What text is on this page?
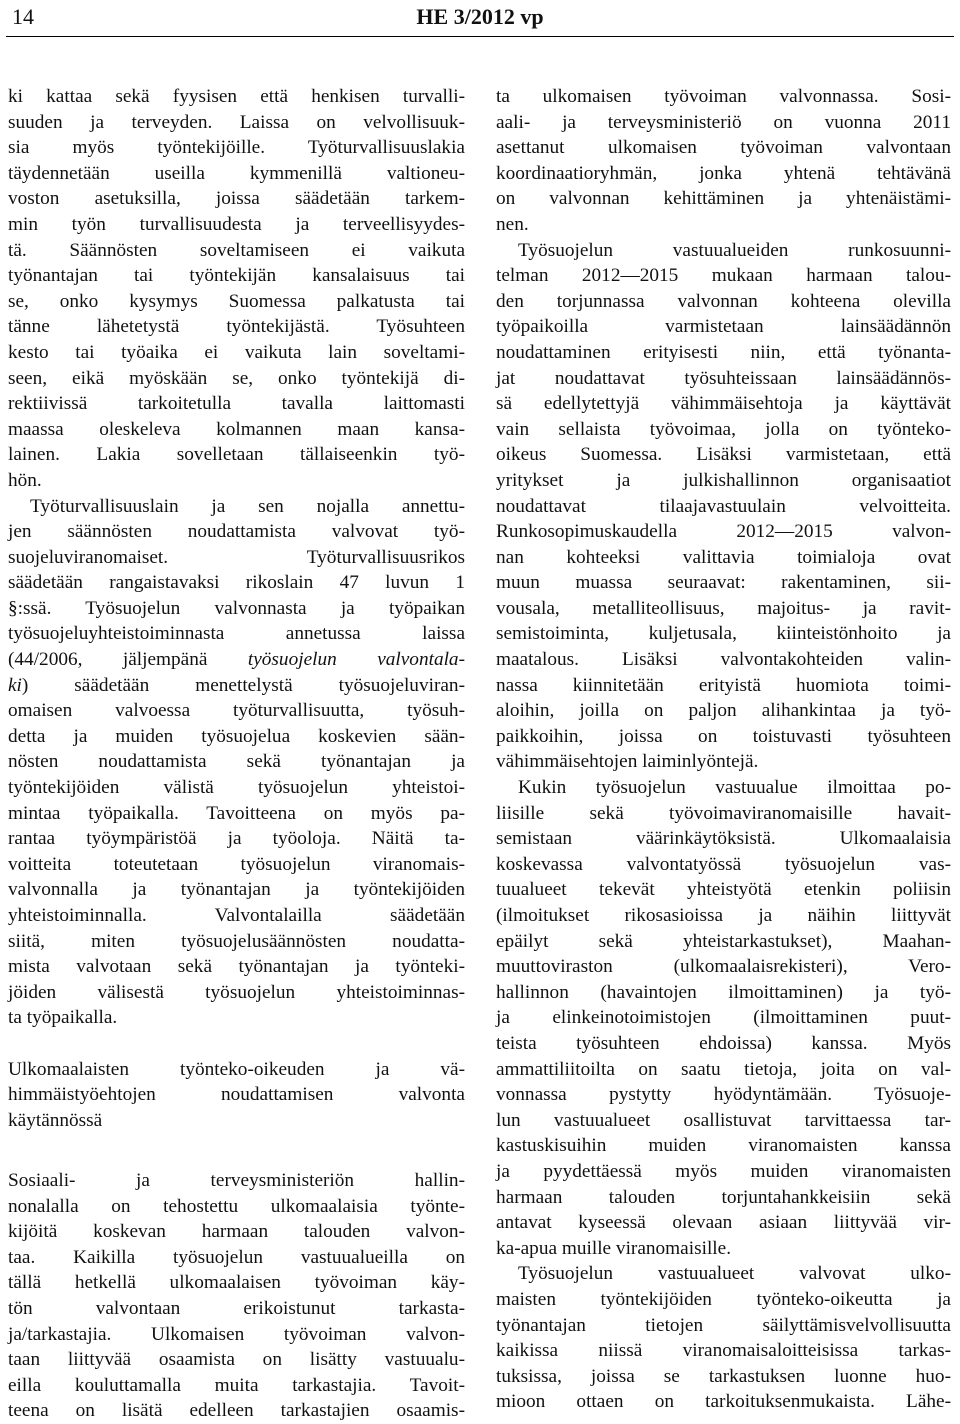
14	HE 3/2012 vp
ki kattaa sekä fyysisen että henkisen turvalli-
suuden ja terveyden. Laissa on velvollisuuk-
sia myös työntekijöille. Työturvallisuuslakia
täydennetään useilla kymmenillä valtioneu-
voston asetuksilla, joissa säädetään tarkem-
min työn turvallisuudesta ja terveellisyydes-
tä. Säännösten soveltamiseen ei vaikuta
työnantajan tai työntekijän kansalaisuus tai
se, onko kysymys Suomessa palkatusta tai
tänne lähetetystä työntekijästä. Työsuhteen
kesto tai työaika ei vaikuta lain soveltami-
seen, eikä myöskään se, onko työntekijä di-
rektiivissä tarkoitetulla tavalla laittomasti
maassa oleskeleva kolmannen maan kansa-
lainen. Lakia sovelletaan tällaiseenkin työ-
hön.
Työturvallisuuslain ja sen nojalla annettu-
jen säännösten noudattamista valvovat työ-
suojeluviranomaiset. Työturvallisuusrikos
säädetään rangaistavaksi rikoslain 47 luvun 1
§:ssä. Työsuojelun valvonnasta ja työpaikan
työsuojeluyhteistoiminnasta annetussa laissa
(44/2006, jäljempänä työsuojelun valvontala-
ki) säädetään menettelystä työsuojeluviran-
omaisen valvoessa työturvallisuutta, työsuh-
detta ja muiden työsuojelua koskevien sään-
nösten noudattamista sekä työnantajan ja
työntekijöiden välistä työsuojelun yhteistoi-
mintaa työpaikalla. Tavoitteena on myös pa-
rantaa työympäristöä ja työoloja. Näitä ta-
voitteita toteutetaan työsuojelun viranomais-
valvonnalla ja työnantajan ja työntekijöiden
yhteistoiminnalla. Valvontalailla säädetään
siitä, miten työsuojelusäännösten noudatta-
mista valvotaan sekä työnantajan ja työnteki-
jöiden välisestä työsuojelun yhteistoiminnas-
ta työpaikalla.
Ulkomaalaisten työnteko-oikeuden ja vä-
himmäistyöehtojen noudattamisen valvonta
käytännössä
Sosiaali- ja terveysministeriön hallin-
nonalalla on tehostettu ulkomaalaisia työnte-
kijöitä koskevan harmaan talouden valvon-
taa. Kaikilla työsuojelun vastuualueilla on
tällä hetkellä ulkomaalaisen työvoiman käy-
tön valvontaan erikoistunut tarkasta-
ja/tarkastajia. Ulkomaisen työvoiman valvon-
taan liittyvää osaamista on lisätty vastuualu-
eilla kouluttamalla muita tarkastajia. Tavoit-
teena on lisätä edelleen tarkastajien osaamis-
ta ulkomaisen työvoiman valvonnassa. Sosi-
aali- ja terveysministeriö on vuonna 2011
asettanut ulkomaisen työvoiman valvontaan
koordinaatioryhmän, jonka yhtenä tehtävänä
on valvonnan kehittäminen ja yhtenäistämi-
nen.
Työsuojelun vastuualueiden runkosuunni-
telman 2012—2015 mukaan harmaan talou-
den torjunnassa valvonnan kohteena olevilla
työpaikoilla varmistetaan lainsäädännön
noudattaminen erityisesti niin, että työnanta-
jat noudattavat työsuhteissaan lainsäädännös-
sä edellytettyjä vähimmäisehtoja ja käyttävät
vain sellaista työvoimaa, jolla on työnteko-
oikeus Suomessa. Lisäksi varmistetaan, että
yritykset ja julkishallinnon organisaatiot
noudattavat tilaajavastuulain velvoitteita.
Runkosopimuskaudella 2012—2015 valvon-
nan kohteeksi valittavia toimialoja ovat
muun muassa seuraavat: rakentaminen, sii-
vousala, metalliteollisuus, majoitus- ja ravit-
semistoiminta, kuljetusala, kiinteistönhoito ja
maatalous. Lisäksi valvontakohteiden valin-
nassa kiinnitetään erityistä huomiota toimi-
aloihin, joilla on paljon alihankintaa ja työ-
paikkoihin, joissa on toistuvasti työsuhteen
vähimmäisehtojen laiminlyöntejä.
Kukin työsuojelun vastuualue ilmoittaa po-
liisille sekä työvoimaviranomaisille havait-
semistaan väärinkäytöksistä. Ulkomaalaisia
koskevassa valvontatyössä työsuojelun vas-
tuualueet tekevät yhteistyötä etenkin poliisin
(ilmoitukset rikosasioissa ja näihin liittyvät
epäilyt sekä yhteistarkastukset), Maahan-
muuttoviraston (ulkomaalaisrekisteri), Vero-
hallinnon (havaintojen ilmoittaminen) ja työ-
ja elinkeinotoimistojen (ilmoittaminen puut-
teista työsuhteen ehdoissa) kanssa. Myös
ammattiliitoilta on saatu tietoja, joita on val-
vonnassa pystytty hyödyntämään. Työsuoje-
lun vastuualueet osallistuvat tarvittaessa tar-
kastuskisuihin muiden viranomaisten kanssa
ja pyydettäessä myös muiden viranomaisten
harmaan talouden torjuntahankkeisiin sekä
antavat kyseessä olevaan asiaan liittyvää vir-
ka-apua muille viranomaisille.
Työsuojelun vastuualueet valvovat ulko-
maisten työntekijöiden työnteko-oikeutta ja
työnantajan tietojen säilyttämisvelvollisuutta
kaikissa niissä viranomaisaloitteisissa tarkas-
tuksissa, joissa se tarkastuksen luonne huo-
mioon ottaen on tarkoituksenmukaista. Lähe-
